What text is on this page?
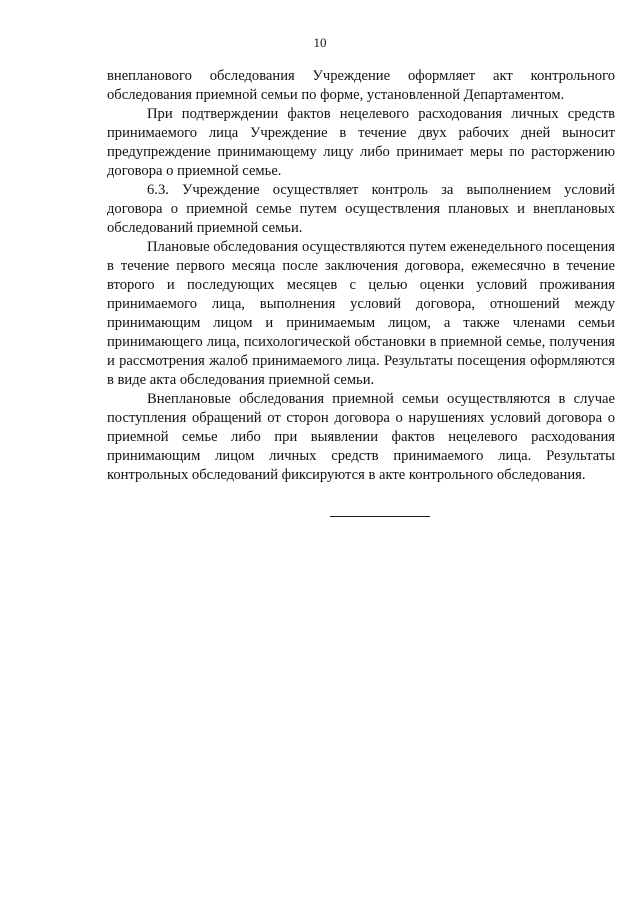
10

внепланового обследования Учреждение оформляет акт контрольного обследования приемной семьи по форме, установленной Департаментом.

При подтверждении фактов нецелевого расходования личных средств принимаемого лица Учреждение в течение двух рабочих дней выносит предупреждение принимающему лицу либо принимает меры по расторжению договора о приемной семье.

6.3. Учреждение осуществляет контроль за выполнением условий договора о приемной семье путем осуществления плановых и внеплановых обследований приемной семьи.

Плановые обследования осуществляются путем еженедельного посещения в течение первого месяца после заключения договора, ежемесячно в течение второго и последующих месяцев с целью оценки условий проживания принимаемого лица, выполнения условий договора, отношений между принимающим лицом и принимаемым лицом, а также членами семьи принимающего лица, психологической обстановки в приемной семье, получения и рассмотрения жалоб принимаемого лица. Результаты посещения оформляются в виде акта обследования приемной семьи.

Внеплановые обследования приемной семьи осуществляются в случае поступления обращений от сторон договора о нарушениях условий договора о приемной семье либо при выявлении фактов нецелевого расходования принимающим лицом личных средств принимаемого лица. Результаты контрольных обследований фиксируются в акте контрольного обследования.
